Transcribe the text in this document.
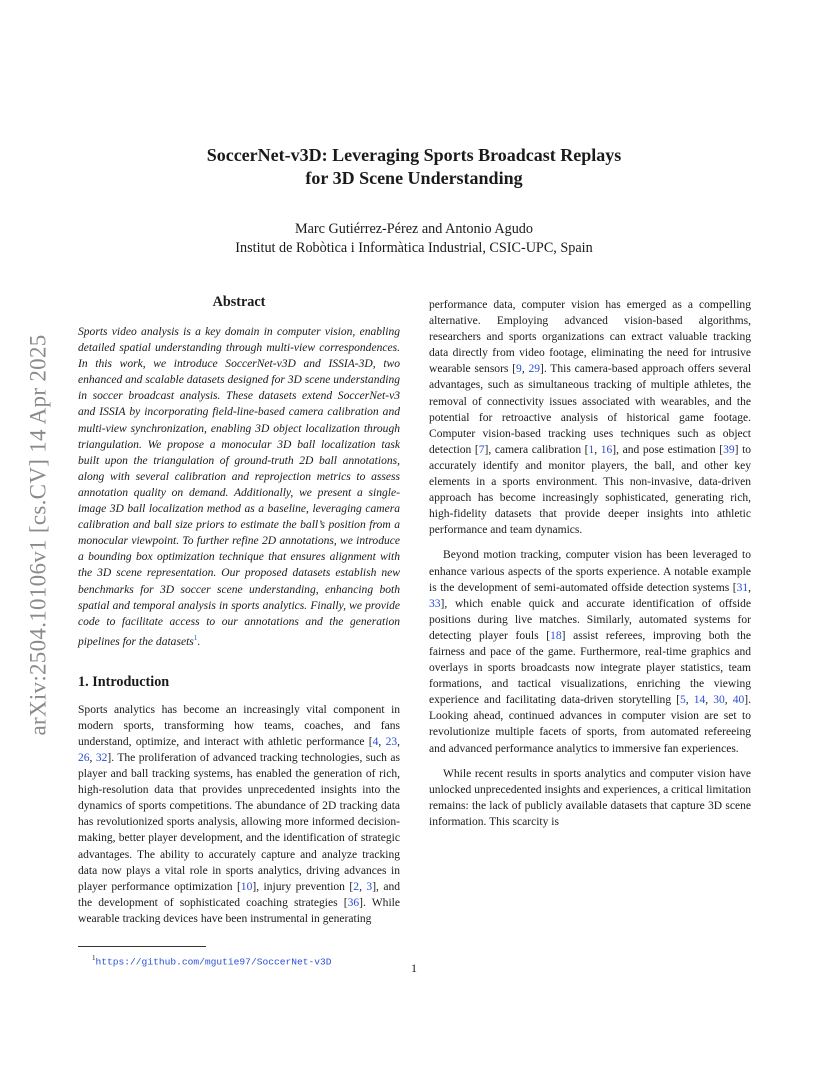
arXiv:2504.10106v1 [cs.CV] 14 Apr 2025
SoccerNet-v3D: Leveraging Sports Broadcast Replays
for 3D Scene Understanding
Marc Gutiérrez-Pérez and Antonio Agudo
Institut de Robòtica i Informàtica Industrial, CSIC-UPC, Spain
Abstract

Sports video analysis is a key domain in computer vision, enabling detailed spatial understanding through multi-view correspondences. In this work, we introduce SoccerNet-v3D and ISSIA-3D, two enhanced and scalable datasets designed for 3D scene understanding in soccer broadcast analysis. These datasets extend SoccerNet-v3 and ISSIA by incorporating field-line-based camera calibration and multi-view synchronization, enabling 3D object localization through triangulation. We propose a monocular 3D ball localization task built upon the triangulation of ground-truth 2D ball annotations, along with several calibration and reprojection metrics to assess annotation quality on demand. Additionally, we present a single-image 3D ball localization method as a baseline, leveraging camera calibration and ball size priors to estimate the ball’s position from a monocular viewpoint. To further refine 2D annotations, we introduce a bounding box optimization technique that ensures alignment with the 3D scene representation. Our proposed datasets establish new benchmarks for 3D soccer scene understanding, enhancing both spatial and temporal analysis in sports analytics. Finally, we provide code to facilitate access to our annotations and the generation pipelines for the datasets$^1$.

1. Introduction

Sports analytics has become an increasingly vital component in modern sports, transforming how teams, coaches, and fans understand, optimize, and interact with athletic performance [4, 23, 26, 32]. The proliferation of advanced tracking technologies, such as player and ball tracking systems, has enabled the generation of rich, high-resolution data that provides unprecedented insights into the dynamics of sports competitions. The abundance of 2D tracking data has revolutionized sports analysis, allowing more informed decision-making, better player development, and the identification of strategic advantages. The ability to accurately capture and analyze tracking data now plays a vital role in sports analytics, driving advances in player performance optimization [10], injury prevention [2, 3], and the development of sophisticated coaching strategies [36]. While wearable tracking devices have been instrumental in generating

performance data, computer vision has emerged as a compelling alternative. Employing advanced vision-based algorithms, researchers and sports organizations can extract valuable tracking data directly from video footage, eliminating the need for intrusive wearable sensors [9, 29]. This camera-based approach offers several advantages, such as simultaneous tracking of multiple athletes, the removal of connectivity issues associated with wearables, and the potential for retroactive analysis of historical game footage. Computer vision-based tracking uses techniques such as object detection [7], camera calibration [1, 16], and pose estimation [39] to accurately identify and monitor players, the ball, and other key elements in a sports environment. This non-invasive, data-driven approach has become increasingly sophisticated, generating rich, high-fidelity datasets that provide deeper insights into athletic performance and team dynamics.

Beyond motion tracking, computer vision has been leveraged to enhance various aspects of the sports experience. A notable example is the development of semi-automated offside detection systems [31, 33], which enable quick and accurate identification of offside positions during live matches. Similarly, automated systems for detecting player fouls [18] assist referees, improving both the fairness and pace of the game. Furthermore, real-time graphics and overlays in sports broadcasts now integrate player statistics, team formations, and tactical visualizations, enriching the viewing experience and facilitating data-driven storytelling [5, 14, 30, 40]. Looking ahead, continued advances in computer vision are set to revolutionize multiple facets of sports, from automated refereeing and advanced performance analytics to immersive fan experiences.

While recent results in sports analytics and computer vision have unlocked unprecedented insights and experiences, a critical limitation remains: the lack of publicly available datasets that capture 3D scene information. This scarcity is

$^1$https://github.com/mgutie97/SoccerNet-v3D	1
